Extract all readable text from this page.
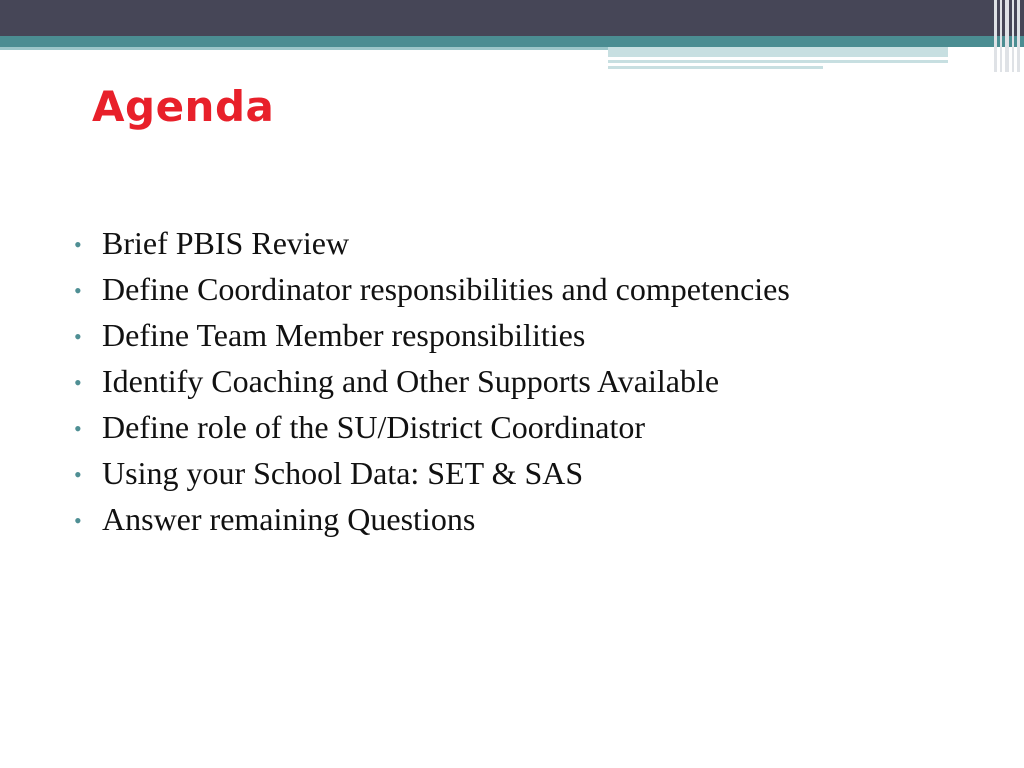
Agenda
• Brief PBIS Review
• Define Coordinator responsibilities and competencies
• Define Team Member responsibilities
• Identify Coaching and Other Supports Available
• Define role of the SU/District Coordinator
• Using your School Data: SET & SAS
• Answer remaining Questions
